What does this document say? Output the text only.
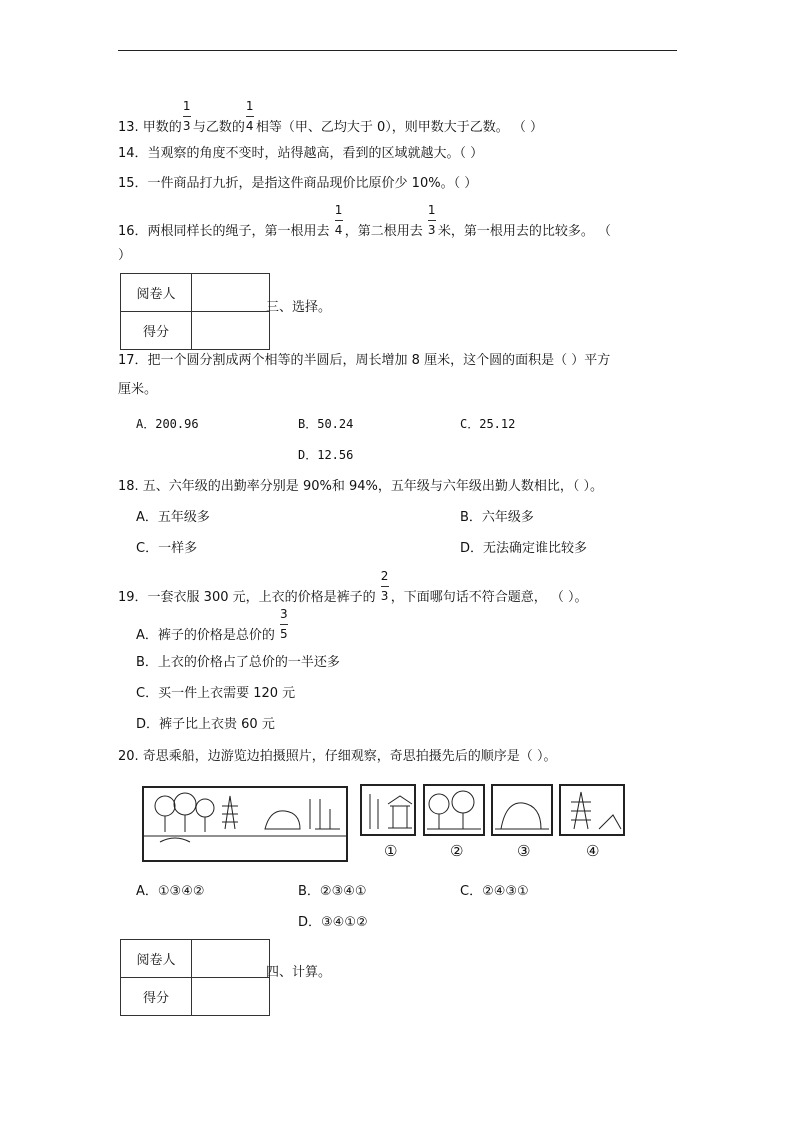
13. 甲数的 $\frac{1}{3}$ 与乙数的 $\frac{1}{4}$ 相等（甲、乙均大于 0），则甲数大于乙数。 （ ）
14．当观察的角度不变时，站得越高，看到的区域就越大。（ ）
15．一件商品打九折，是指这件商品现价比原价少 10%。（ ）
16．两根同样长的绳子，第一根用去 $\frac{1}{4}$ ，第二根用去 $\frac{1}{3}$ 米，第一根用去的比较多。 （
）
阅卷人	
得分	
三、选择。
17．把一个圆分割成两个相等的半圆后，周长增加 8 厘米，这个圆的面积是（ ）平方
厘米。
A．200.96	B．50.24	C．25.12
D．12.56
18. 五、六年级的出勤率分别是 90%和 94%，五年级与六年级出勤人数相比，（ ）。
A．五年级多	B．六年级多
C．一样多	D．无法确定谁比较多
19．一套衣服 300 元，上衣的价格是裤子的 $\frac{2}{3}$ ，下面哪句话不符合题意， （ ）。
A．裤子的价格是总价的 $\frac{3}{5}$
B．上衣的价格占了总价的一半还多
C．买一件上衣需要 120 元
D．裤子比上衣贵 60 元
20. 奇思乘船，边游览边拍摄照片，仔细观察，奇思拍摄先后的顺序是（ ）。
①	②	③	④
A．①③④②	B．②③④①	C．②④③①
D．③④①②
阅卷人	
得分	
四、计算。
